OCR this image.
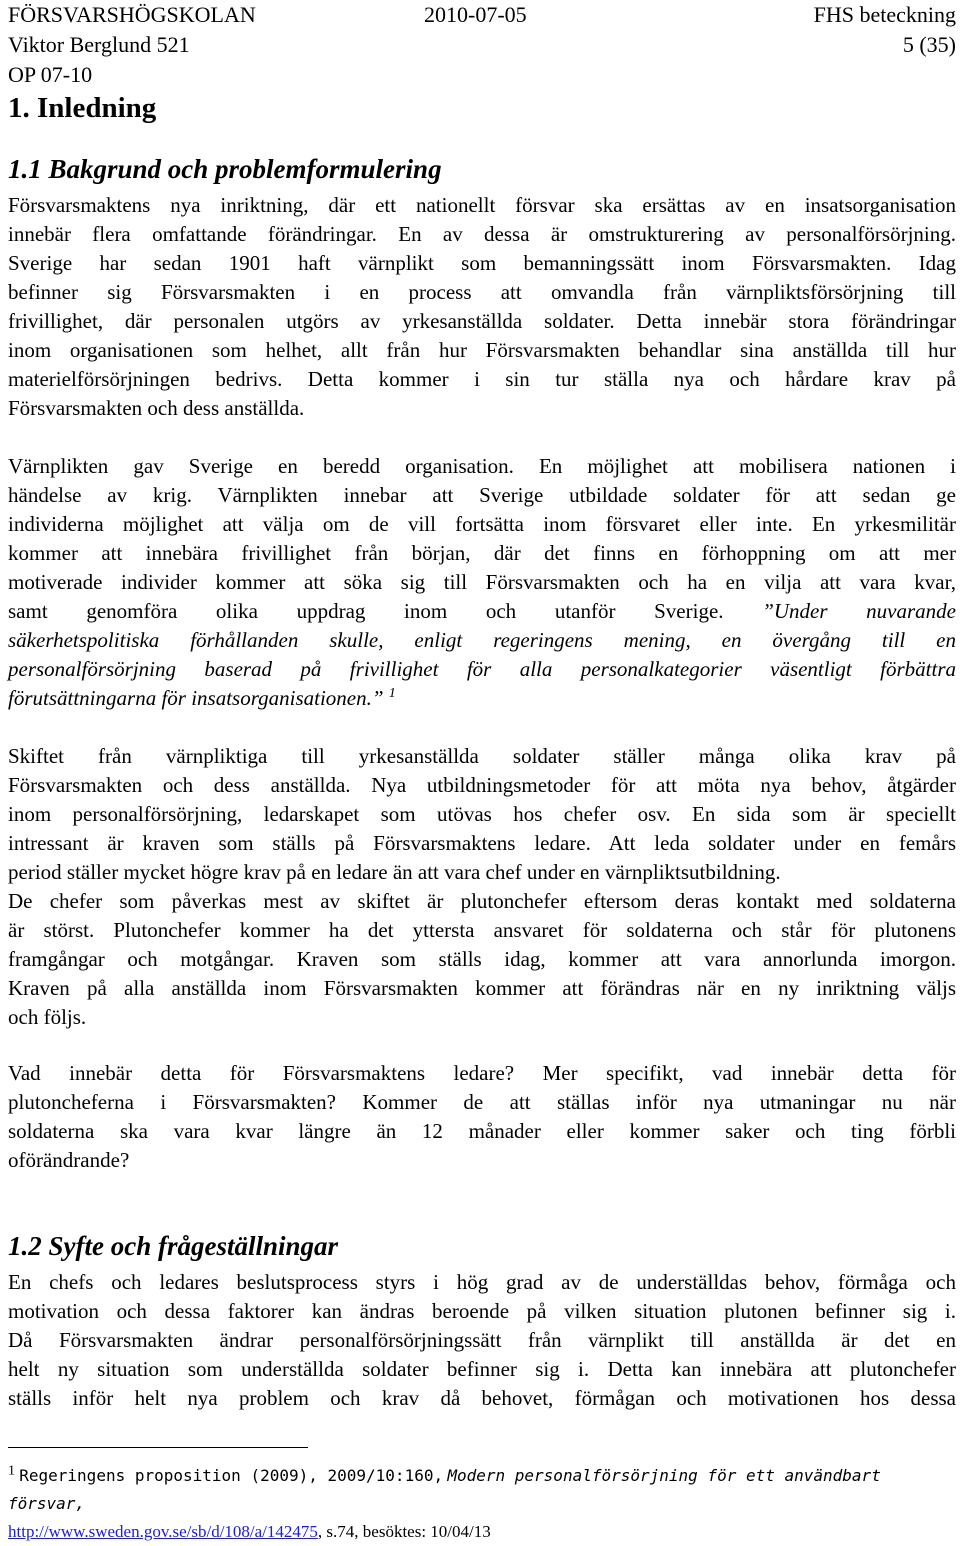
FÖRSVARSHÖGSKOLAN	2010-07-05	FHS beteckning
Viktor Berglund 521	5 (35)
OP 07-10
1. Inledning
1.1 Bakgrund och problemformulering
Försvarsmaktens nya inriktning, där ett nationellt försvar ska ersättas av en insatsorganisation
innebär flera omfattande förändringar. En av dessa är omstrukturering av personalförsörjning.
Sverige har sedan 1901 haft värnplikt som bemanningssätt inom Försvarsmakten. Idag
befinner sig Försvarsmakten i en process att omvandla från värnpliktsförsörjning till
frivillighet, där personalen utgörs av yrkesanställda soldater. Detta innebär stora förändringar
inom organisationen som helhet, allt från hur Försvarsmakten behandlar sina anställda till hur
materielförsörjningen bedrivs. Detta kommer i sin tur ställa nya och hårdare krav på
Försvarsmakten och dess anställda.
Värnplikten gav Sverige en beredd organisation. En möjlighet att mobilisera nationen i
händelse av krig. Värnplikten innebar att Sverige utbildade soldater för att sedan ge
individerna möjlighet att välja om de vill fortsätta inom försvaret eller inte. En yrkesmilitär
kommer att innebära frivillighet från början, där det finns en förhoppning om att mer
motiverade individer kommer att söka sig till Försvarsmakten och ha en vilja att vara kvar,
samt genomföra olika uppdrag inom och utanför Sverige. ”Under nuvarande
säkerhetspolitiska förhållanden skulle, enligt regeringens mening, en övergång till en
personalförsörjning baserad på frivillighet för alla personalkategorier väsentligt förbättra
förutsättningarna för insatsorganisationen.” $^1$
Skiftet från värnpliktiga till yrkesanställda soldater ställer många olika krav på
Försvarsmakten och dess anställda. Nya utbildningsmetoder för att möta nya behov, åtgärder
inom personalförsörjning, ledarskapet som utövas hos chefer osv. En sida som är speciellt
intressant är kraven som ställs på Försvarsmaktens ledare. Att leda soldater under en femårs
period ställer mycket högre krav på en ledare än att vara chef under en värnpliktsutbildning.
De chefer som påverkas mest av skiftet är plutonchefer eftersom deras kontakt med soldaterna
är störst. Plutonchefer kommer ha det yttersta ansvaret för soldaterna och står för plutonens
framgångar och motgångar. Kraven som ställs idag, kommer att vara annorlunda imorgon.
Kraven på alla anställda inom Försvarsmakten kommer att förändras när en ny inriktning väljs
och följs.
Vad innebär detta för Försvarsmaktens ledare? Mer specifikt, vad innebär detta för
plutoncheferna i Försvarsmakten? Kommer de att ställas inför nya utmaningar nu när
soldaterna ska vara kvar längre än 12 månader eller kommer saker och ting förbli
oförändrande?
1.2 Syfte och frågeställningar
En chefs och ledares beslutsprocess styrs i hög grad av de underställdas behov, förmåga och
motivation och dessa faktorer kan ändras beroende på vilken situation plutonen befinner sig i.
Då Försvarsmakten ändrar personalförsörjningssätt från värnplikt till anställda är det en
helt ny situation som underställda soldater befinner sig i. Detta kan innebära att plutonchefer
ställs inför helt nya problem och krav då behovet, förmågan och motivationen hos dessa
$^1$ Regeringens proposition (2009), 2009/10:160, Modern personalförsörjning för ett användbart försvar,
http://www.sweden.gov.se/sb/d/108/a/142475, s.74, besöktes: 10/04/13
